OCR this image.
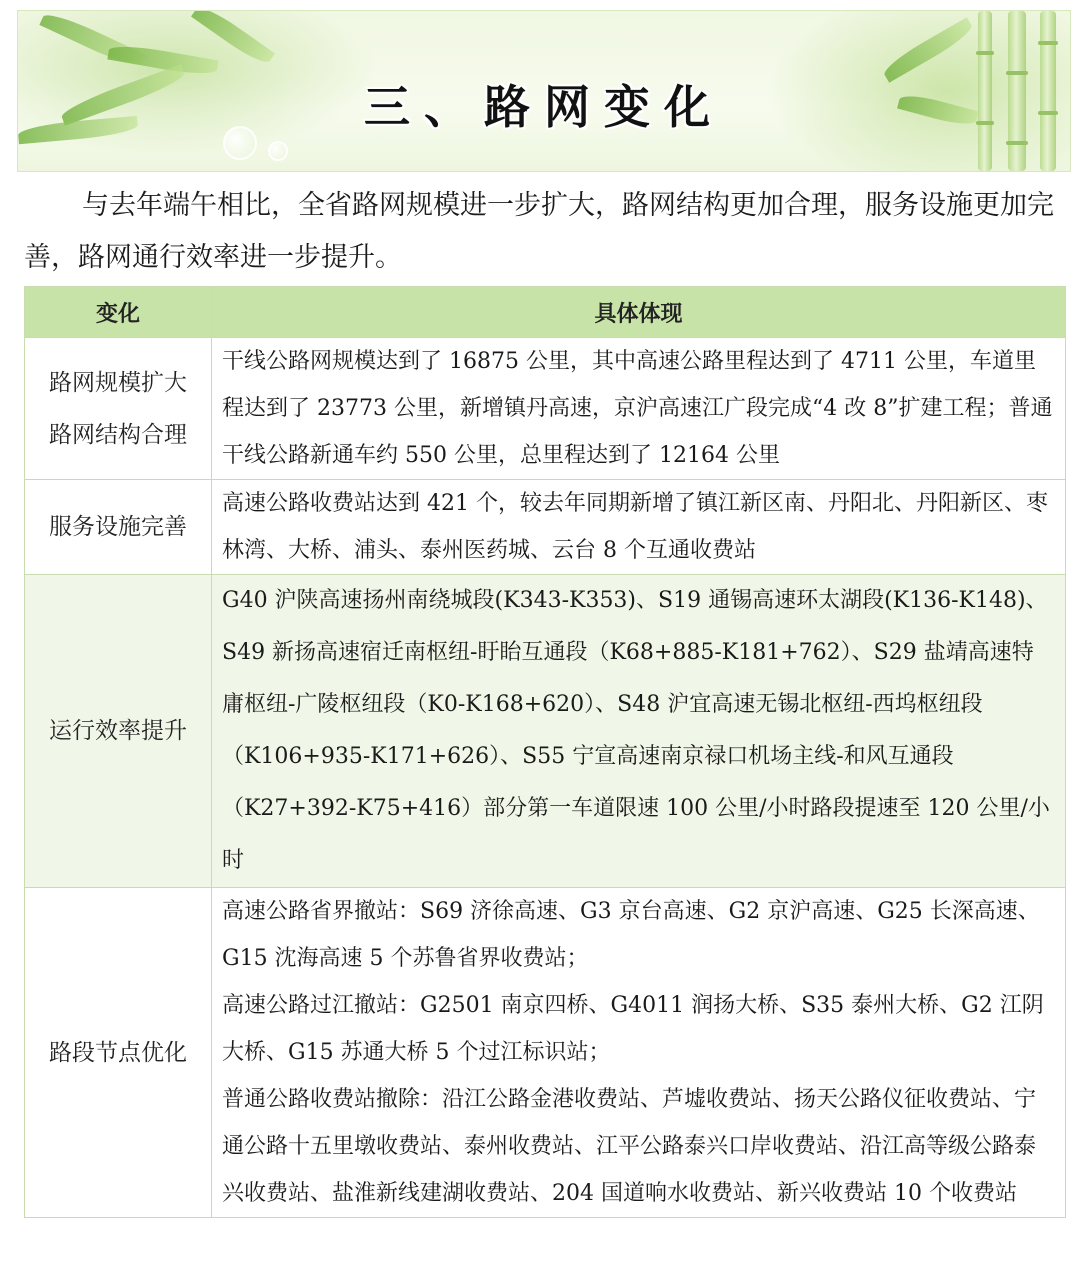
三、路网变化
与去年端午相比，全省路网规模进一步扩大，路网结构更加合理，服务设施更加完善，路网通行效率进一步提升。
变化	具体体现

路网规模扩大
路网结构合理	干线公路网规模达到了 16875 公里，其中高速公路里程达到了 4711 公里，车道里程达到了 23773 公里，新增镇丹高速，京沪高速江广段完成“4 改 8”扩建工程；普通干线公路新通车约 550 公里，总里程达到了 12164 公里

服务设施完善	高速公路收费站达到 421 个，较去年同期新增了镇江新区南、丹阳北、丹阳新区、枣林湾、大桥、浦头、泰州医药城、云台 8 个互通收费站

运行效率提升	G40 沪陕高速扬州南绕城段(K343-K353)、S19 通锡高速环太湖段(K136-K148)、S49 新扬高速宿迁南枢纽-盱眙互通段（K68+885-K181+762）、S29 盐靖高速特庸枢纽-广陵枢纽段（K0-K168+620）、S48 沪宜高速无锡北枢纽-西坞枢纽段（K106+935-K171+626）、S55 宁宣高速南京禄口机场主线-和风互通段（K27+392-K75+416）部分第一车道限速 100 公里/小时路段提速至 120 公里/小时

路段节点优化	高速公路省界撤站：S69 济徐高速、G3 京台高速、G2 京沪高速、G25 长深高速、G15 沈海高速 5 个苏鲁省界收费站；

高速公路过江撤站：G2501 南京四桥、G4011 润扬大桥、S35 泰州大桥、G2 江阴大桥、G15 苏通大桥 5 个过江标识站；

普通公路收费站撤除：沿江公路金港收费站、芦墟收费站、扬天公路仪征收费站、宁通公路十五里墩收费站、泰州收费站、江平公路泰兴口岸收费站、沿江高等级公路泰兴收费站、盐淮新线建湖收费站、204 国道响水收费站、新兴收费站 10 个收费站
